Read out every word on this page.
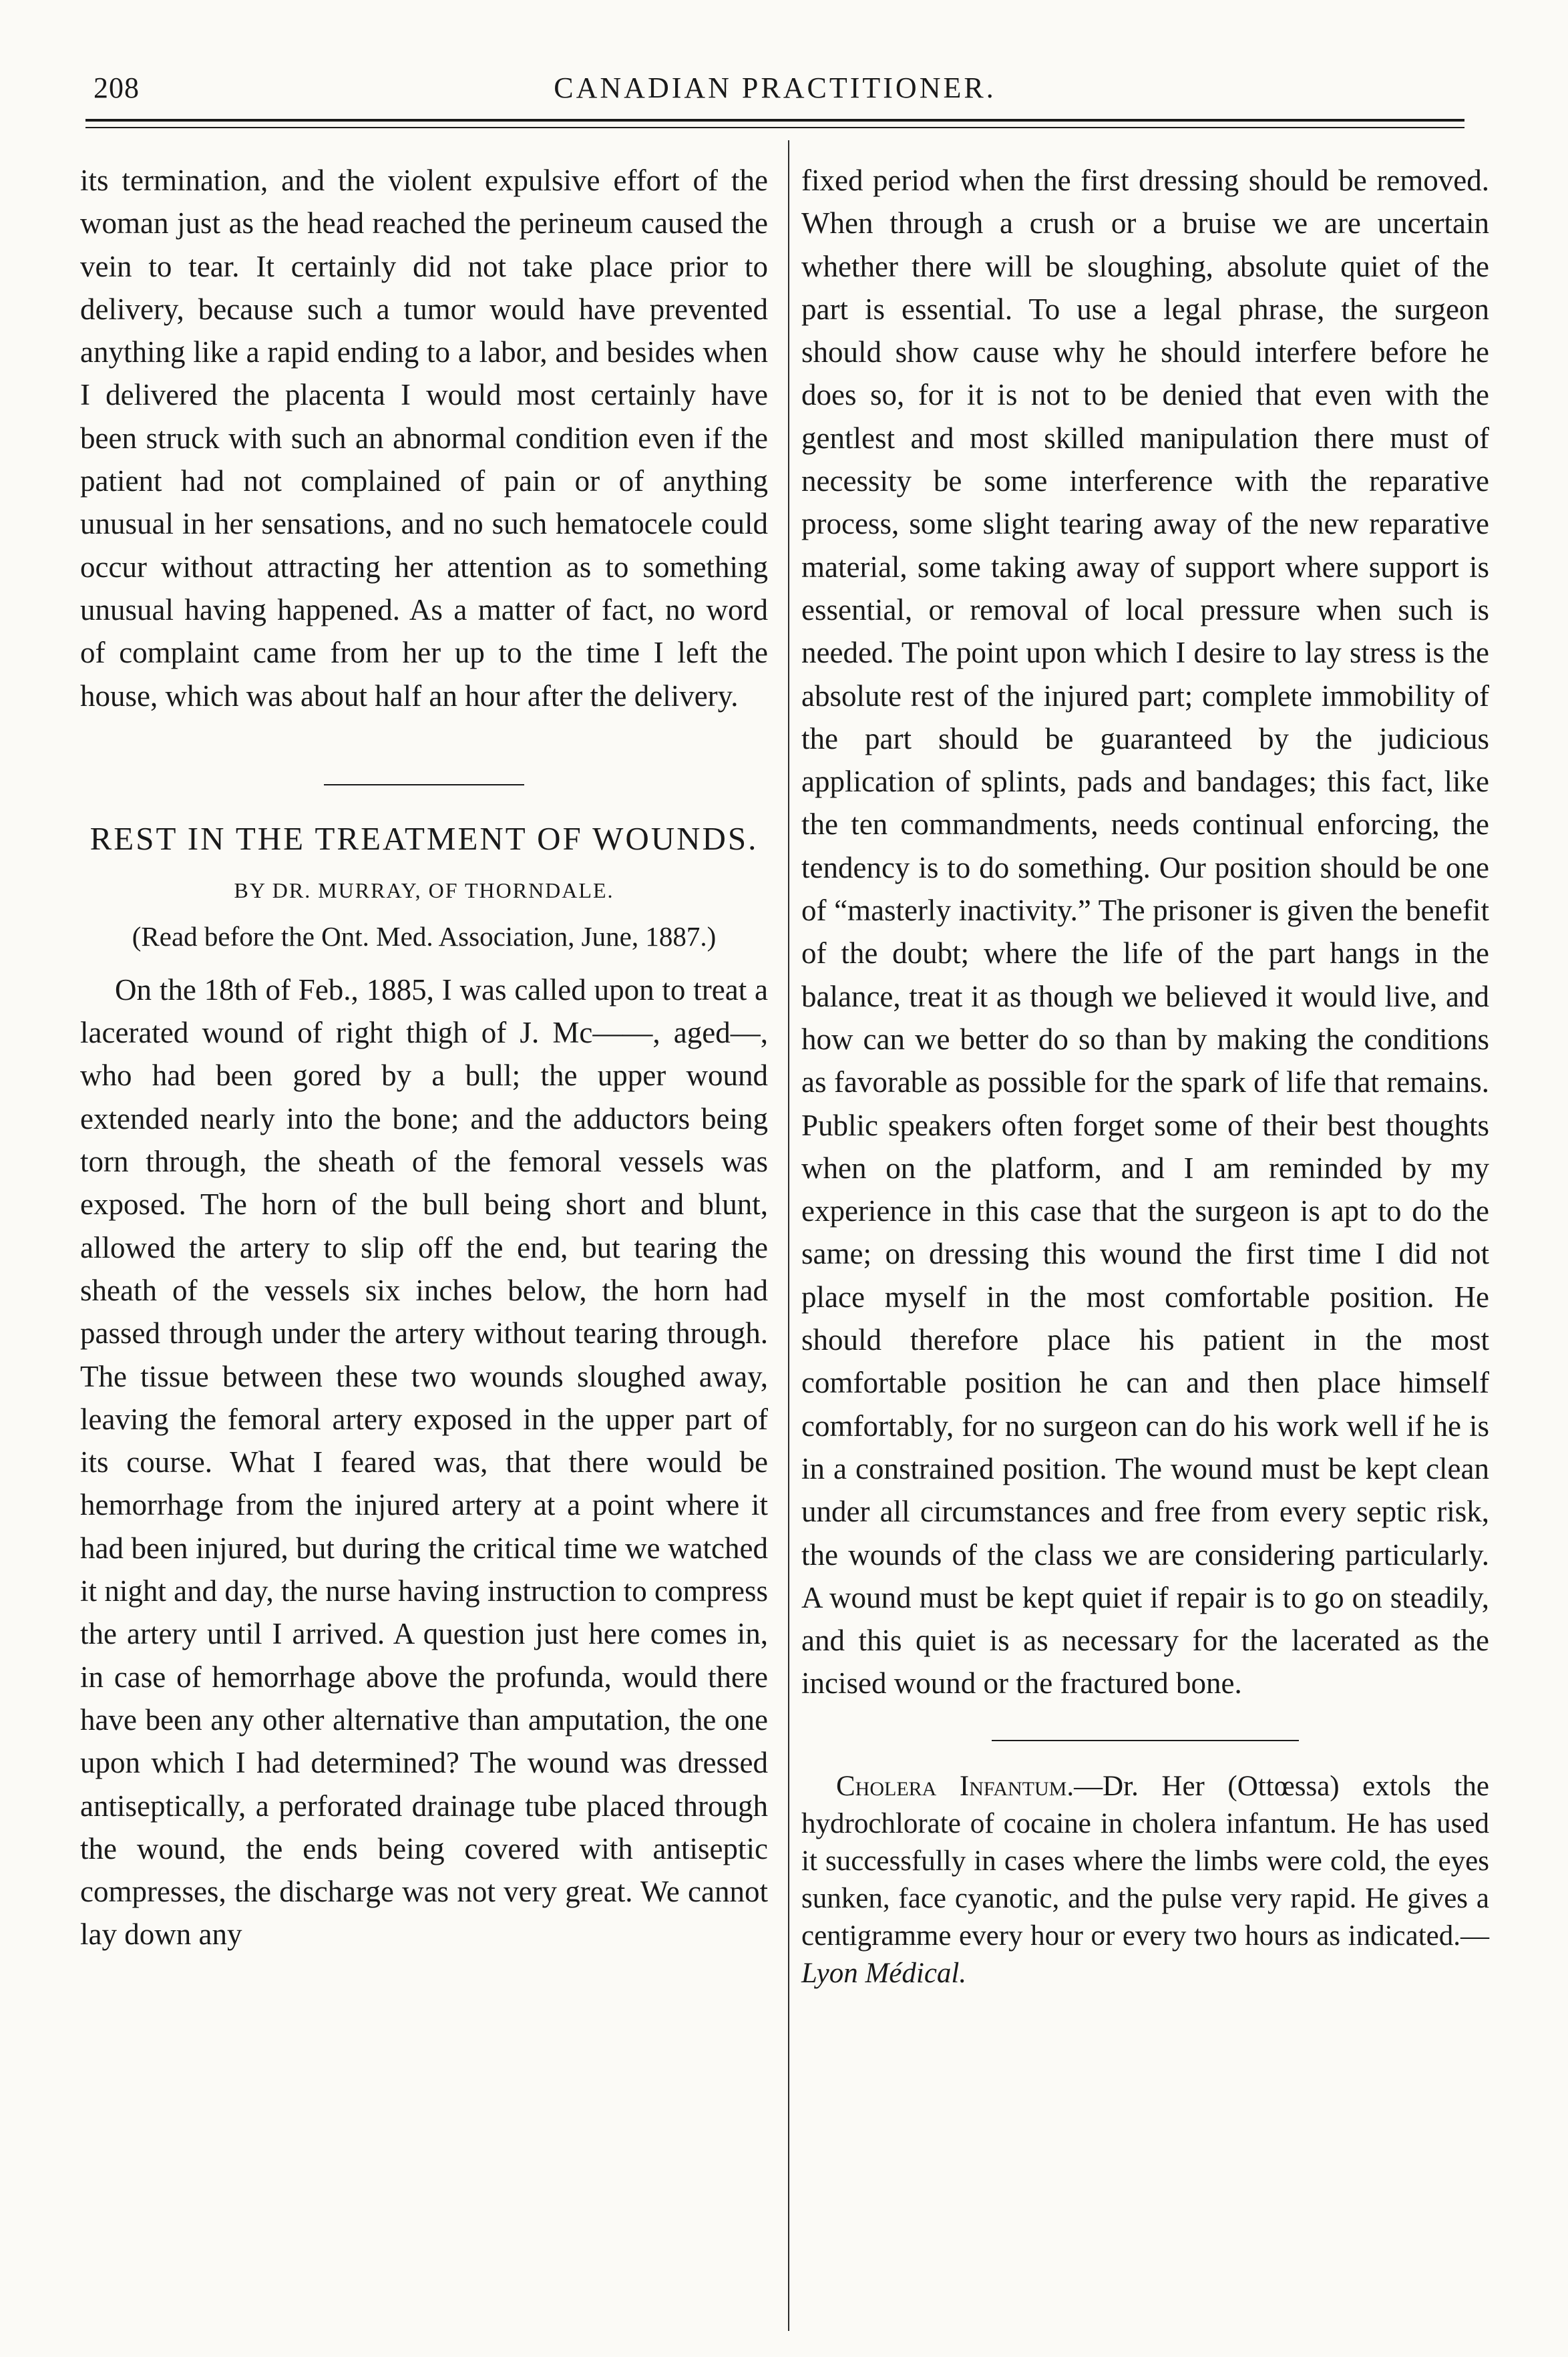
208	CANADIAN PRACTITIONER.

its termination, and the violent expulsive effort of the woman just as the head reached the perineum caused the vein to tear. It certainly did not take place prior to delivery, because such a tumor would have prevented anything like a rapid ending to a labor, and besides when I delivered the placenta I would most certainly have been struck with such an abnormal condition even if the patient had not complained of pain or of anything unusual in her sensations, and no such hematocele could occur without attracting her attention as to something unusual having happened. As a matter of fact, no word of complaint came from her up to the time I left the house, which was about half an hour after the delivery.

REST IN THE TREATMENT OF WOUNDS.
BY DR. MURRAY, OF THORNDALE.
(Read before the Ont. Med. Association, June, 1887.)

On the 18th of Feb., 1885, I was called upon to treat a lacerated wound of right thigh of J. Mc——, aged—, who had been gored by a bull; the upper wound extended nearly into the bone; and the adductors being torn through, the sheath of the femoral vessels was exposed. The horn of the bull being short and blunt, allowed the artery to slip off the end, but tearing the sheath of the vessels six inches below, the horn had passed through under the artery without tearing through. The tissue between these two wounds sloughed away, leaving the femoral artery exposed in the upper part of its course. What I feared was, that there would be hemorrhage from the injured artery at a point where it had been injured, but during the critical time we watched it night and day, the nurse having instruction to compress the artery until I arrived. A question just here comes in, in case of hemorrhage above the profunda, would there have been any other alternative than amputation, the one upon which I had determined? The wound was dressed antiseptically, a perforated drainage tube placed through the wound, the ends being covered with antiseptic compresses, the discharge was not very great. We cannot lay down any

fixed period when the first dressing should be removed. When through a crush or a bruise we are uncertain whether there will be sloughing, absolute quiet of the part is essential. To use a legal phrase, the surgeon should show cause why he should interfere before he does so, for it is not to be denied that even with the gentlest and most skilled manipulation there must of necessity be some interference with the reparative process, some slight tearing away of the new reparative material, some taking away of support where support is essential, or removal of local pressure when such is needed. The point upon which I desire to lay stress is the absolute rest of the injured part; complete immobility of the part should be guaranteed by the judicious application of splints, pads and bandages; this fact, like the ten commandments, needs continual enforcing, the tendency is to do something. Our position should be one of “masterly inactivity.” The prisoner is given the benefit of the doubt; where the life of the part hangs in the balance, treat it as though we believed it would live, and how can we better do so than by making the conditions as favorable as possible for the spark of life that remains. Public speakers often forget some of their best thoughts when on the platform, and I am reminded by my experience in this case that the surgeon is apt to do the same; on dressing this wound the first time I did not place myself in the most comfortable position. He should therefore place his patient in the most comfortable position he can and then place himself comfortably, for no surgeon can do his work well if he is in a constrained position. The wound must be kept clean under all circumstances and free from every septic risk, the wounds of the class we are considering particularly. A wound must be kept quiet if repair is to go on steadily, and this quiet is as necessary for the lacerated as the incised wound or the fractured bone.

Cholera Infantum.—Dr. Her (Ottœssa) extols the hydrochlorate of cocaine in cholera infantum. He has used it successfully in cases where the limbs were cold, the eyes sunken, face cyanotic, and the pulse very rapid. He gives a centigramme every hour or every two hours as indicated.—Lyon Médical.
